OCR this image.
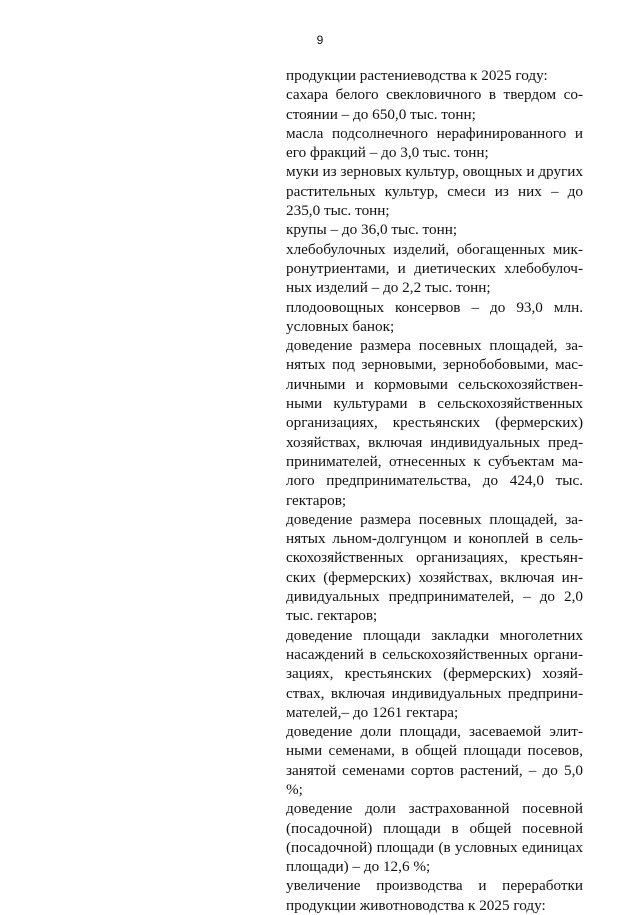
9

продукции растениеводства к 2025 году:

сахара белого свекловичного в твердом состоянии – до 650,0 тыс. тонн;

масла подсолнечного нерафинированного и его фракций – до 3,0 тыс. тонн;

муки из зерновых культур, овощных и других растительных культур, смеси из них – до 235,0 тыс. тонн;

крупы – до 36,0 тыс. тонн;

хлебобулочных изделий, обогащенных микронутриентами, и диетических хлебобулочных изделий – до 2,2 тыс. тонн;

плодоовощных консервов – до 93,0 млн. условных банок;

доведение размера посевных площадей, занятых под зерновыми, зернобобовыми, масличными и кормовыми сельскохозяйственными культурами в сельскохозяйственных организациях, крестьянских (фермерских) хозяйствах, включая индивидуальных предпринимателей, отнесенных к субъектам малого предпринимательства, до 424,0 тыс. гектаров;

доведение размера посевных площадей, занятых льном-долгунцом и коноплей в сельскохозяйственных организациях, крестьянских (фермерских) хозяйствах, включая индивидуальных предпринимателей, – до 2,0 тыс. гектаров;

доведение площади закладки многолетних насаждений в сельскохозяйственных организациях, крестьянских (фермерских) хозяйствах, включая индивидуальных предпринимателей,– до 1261 гектара;

доведение доли площади, засеваемой элитными семенами, в общей площади посевов, занятой семенами сортов растений, – до 5,0 %;

доведение доли застрахованной посевной (посадочной) площади в общей посевной (посадочной) площади (в условных единицах площади) – до 12,6 %;

увеличение производства и переработки продукции животноводства к 2025 году:
